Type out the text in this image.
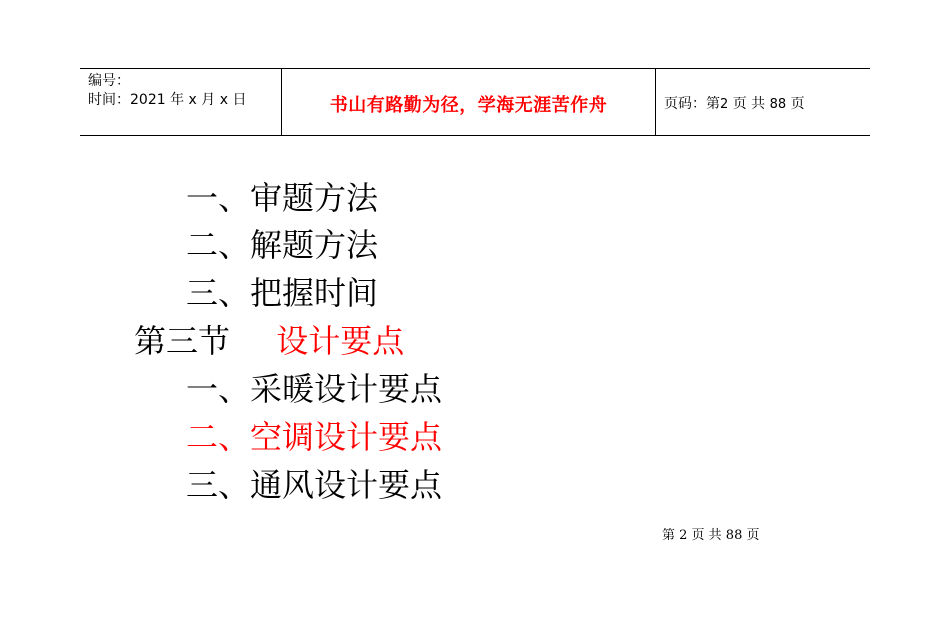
编号：
时间：2021 年 x 月 x 日	书山有路勤为径，学海无涯苦作舟	页码：第2 页 共 88 页
一、审题方法
二、解题方法
三、把握时间
第三节 设计要点
一、采暖设计要点
二、空调设计要点
三、通风设计要点
第 2 页 共 88 页
